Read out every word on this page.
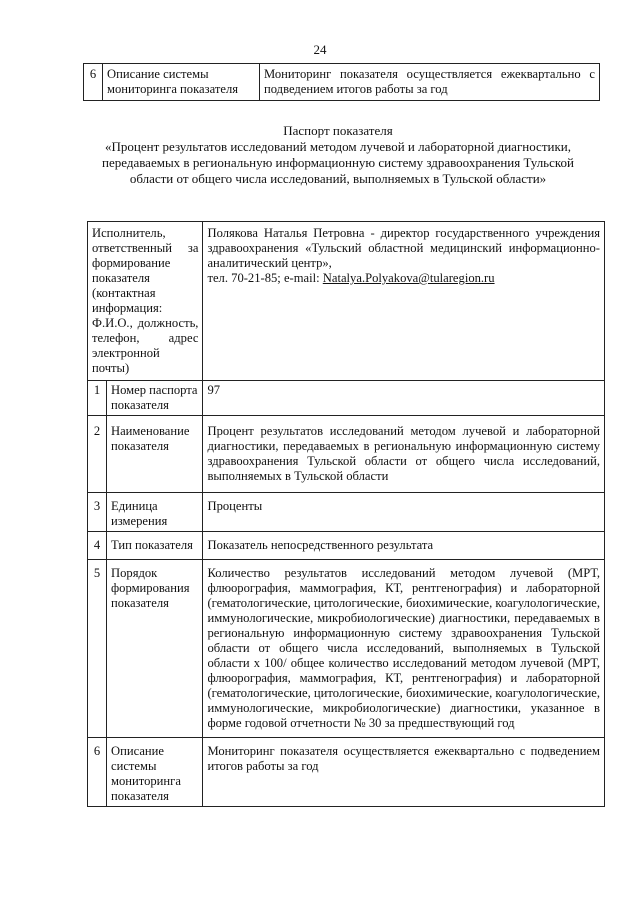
24
6	Описание системы мониторинга показателя	Мониторинг показателя осуществляется ежеквартально с подведением итогов работы за год
Паспорт показателя
«Процент результатов исследований методом лучевой и лабораторной диагностики, передаваемых в региональную информационную систему здравоохранения Тульской области от общего числа исследований, выполняемых в Тульской области»
Исполнитель, ответственный за формирование показателя (контактная информация: Ф.И.О., должность, телефон, адрес электронной почты)		Полякова Наталья Петровна - директор государственного учреждения здравоохранения «Тульский областной медицинский информационно-аналитический центр»,
тел. 70-21-85; e-mail: Natalya.Polyakova@tularegion.ru
1	Номер паспорта показателя	97
2	Наименование показателя	Процент результатов исследований методом лучевой и лабораторной диагностики, передаваемых в региональную информационную систему здравоохранения Тульской области от общего числа исследований, выполняемых в Тульской области
3	Единица измерения	Проценты
4	Тип показателя	Показатель непосредственного результата
5	Порядок формирования показателя	Количество результатов исследований методом лучевой (МРТ, флюорография, маммография, КТ, рентгенография) и лабораторной (гематологические, цитологические, биохимические, коагулологические, иммунологические, микробиологические) диагностики, передаваемых в региональную информационную систему здравоохранения Тульской области от общего числа исследований, выполняемых в Тульской области х 100/ общее количество исследований методом лучевой (МРТ, флюорография, маммография, КТ, рентгенография) и лабораторной (гематологические, цитологические, биохимические, коагулологические, иммунологические, микробиологические) диагностики, указанное в форме годовой отчетности № 30 за предшествующий год
6	Описание системы мониторинга показателя	Мониторинг показателя осуществляется ежеквартально с подведением итогов работы за год
